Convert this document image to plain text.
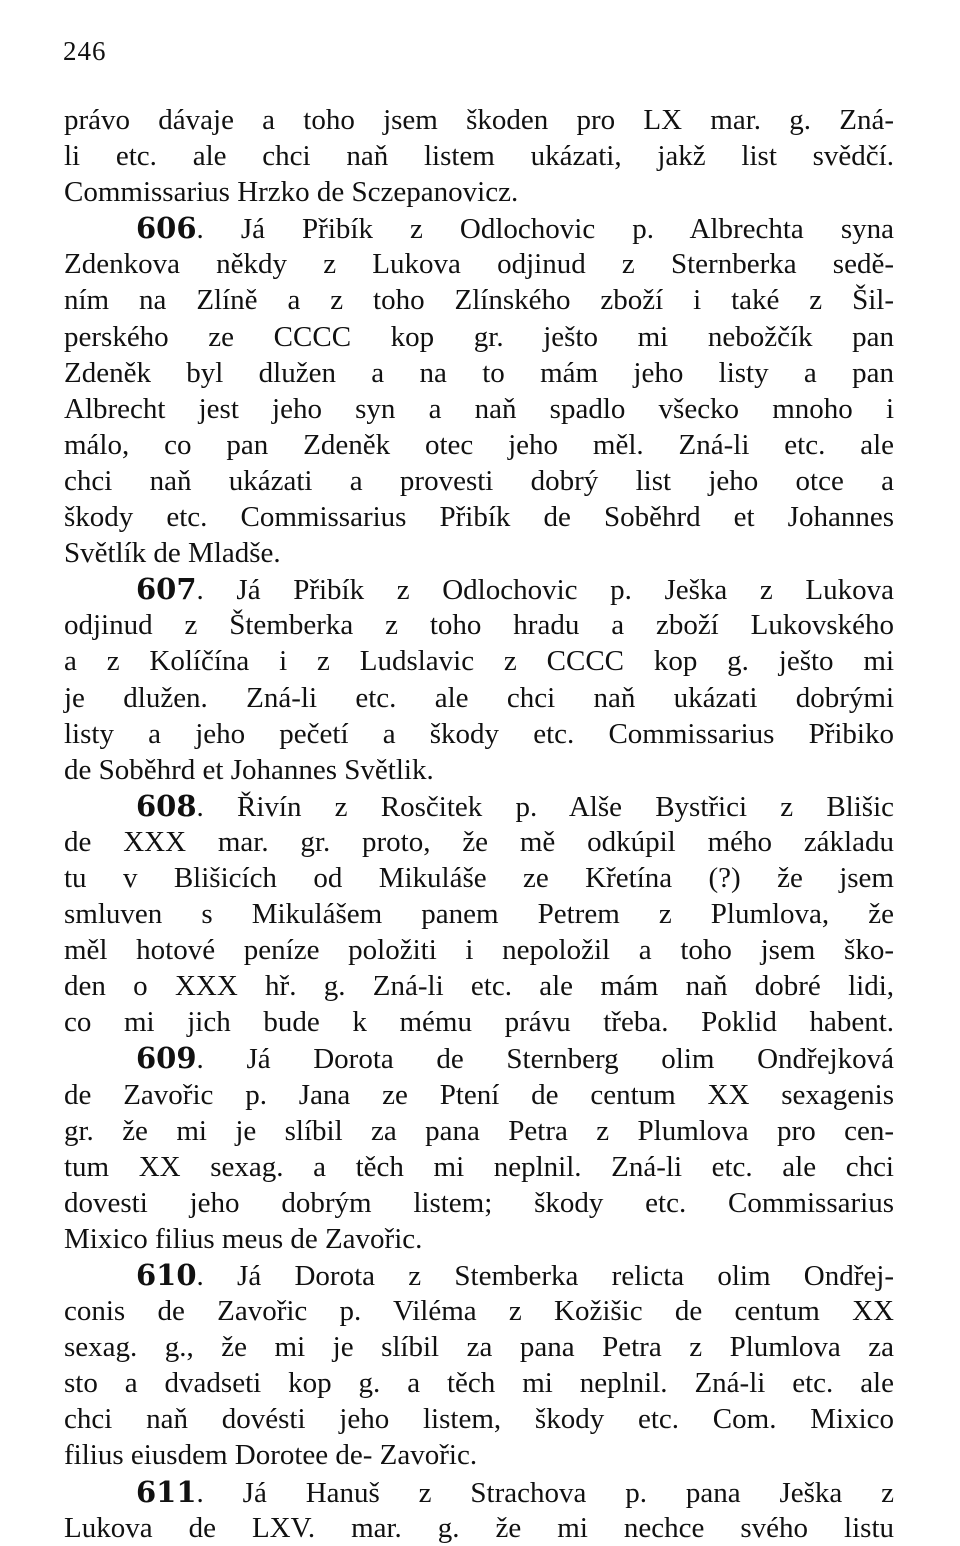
246
právo dávaje a toho jsem škoden pro LX mar. g. Zná-
li etc. ale chci naň listem ukázati, jakž list svědčí.
Commissarius Hrzko de Sczepanovicz.
606. Já Přibík z Odlochovic p. Albrechta syna
Zdenkova někdy z Lukova odjinud z Sternberka sedě-
ním na Zlíně a z toho Zlínského zboží i také z Šil-
perského ze CCCC kop gr. ješto mi nebožčík pan
Zdeněk byl dlužen a na to mám jeho listy a pan
Albrecht jest jeho syn a naň spadlo všecko mnoho i
málo, co pan Zdeněk otec jeho měl. Zná-li etc. ale
chci naň ukázati a provesti dobrý list jeho otce a
škody etc. Commissarius Přibík de Soběhrd et Johannes
Světlík de Mladše.
607. Já Přibík z Odlochovic p. Ješka z Lukova
odjinud z Štemberka z toho hradu a zboží Lukovského
a z Kolíčína i z Ludslavic z CCCC kop g. ješto mi
je dlužen. Zná-li etc. ale chci naň ukázati dobrými
listy a jeho pečetí a škody etc. Commissarius Přibiko
de Soběhrd et Johannes Světlik.
608. Řivín z Rosčitek p. Alše Bystřici z Blišic
de XXX mar. gr. proto, že mě odkúpil mého základu
tu v Blišicích od Mikuláše ze Křetína (?) že jsem
smluven s Mikulášem panem Petrem z Plumlova, že
měl hotové peníze položiti i nepoložil a toho jsem ško-
den o XXX hř. g. Zná-li etc. ale mám naň dobré lidi,
co mi jich bude k mému právu třeba. Poklid habent.
609. Já Dorota de Sternberg olim Ondřejková
de Zavořic p. Jana ze Ptení de centum XX sexagenis
gr. že mi je slíbil za pana Petra z Plumlova pro cen-
tum XX sexag. a těch mi neplnil. Zná-li etc. ale chci
dovesti jeho dobrým listem; škody etc. Commissarius
Mixico filius meus de Zavořic.
610. Já Dorota z Stemberka relicta olim Ondřej-
conis de Zavořic p. Viléma z Kožišic de centum XX
sexag. g., že mi je slíbil za pana Petra z Plumlova za
sto a dvadseti kop g. a těch mi neplnil. Zná-li etc. ale
chci naň dovésti jeho listem, škody etc. Com. Mixico
filius eiusdem Dorotee de- Zavořic.
611. Já Hanuš z Strachova p. pana Ješka z
Lukova de LXV. mar. g. že mi nechce svého listu
